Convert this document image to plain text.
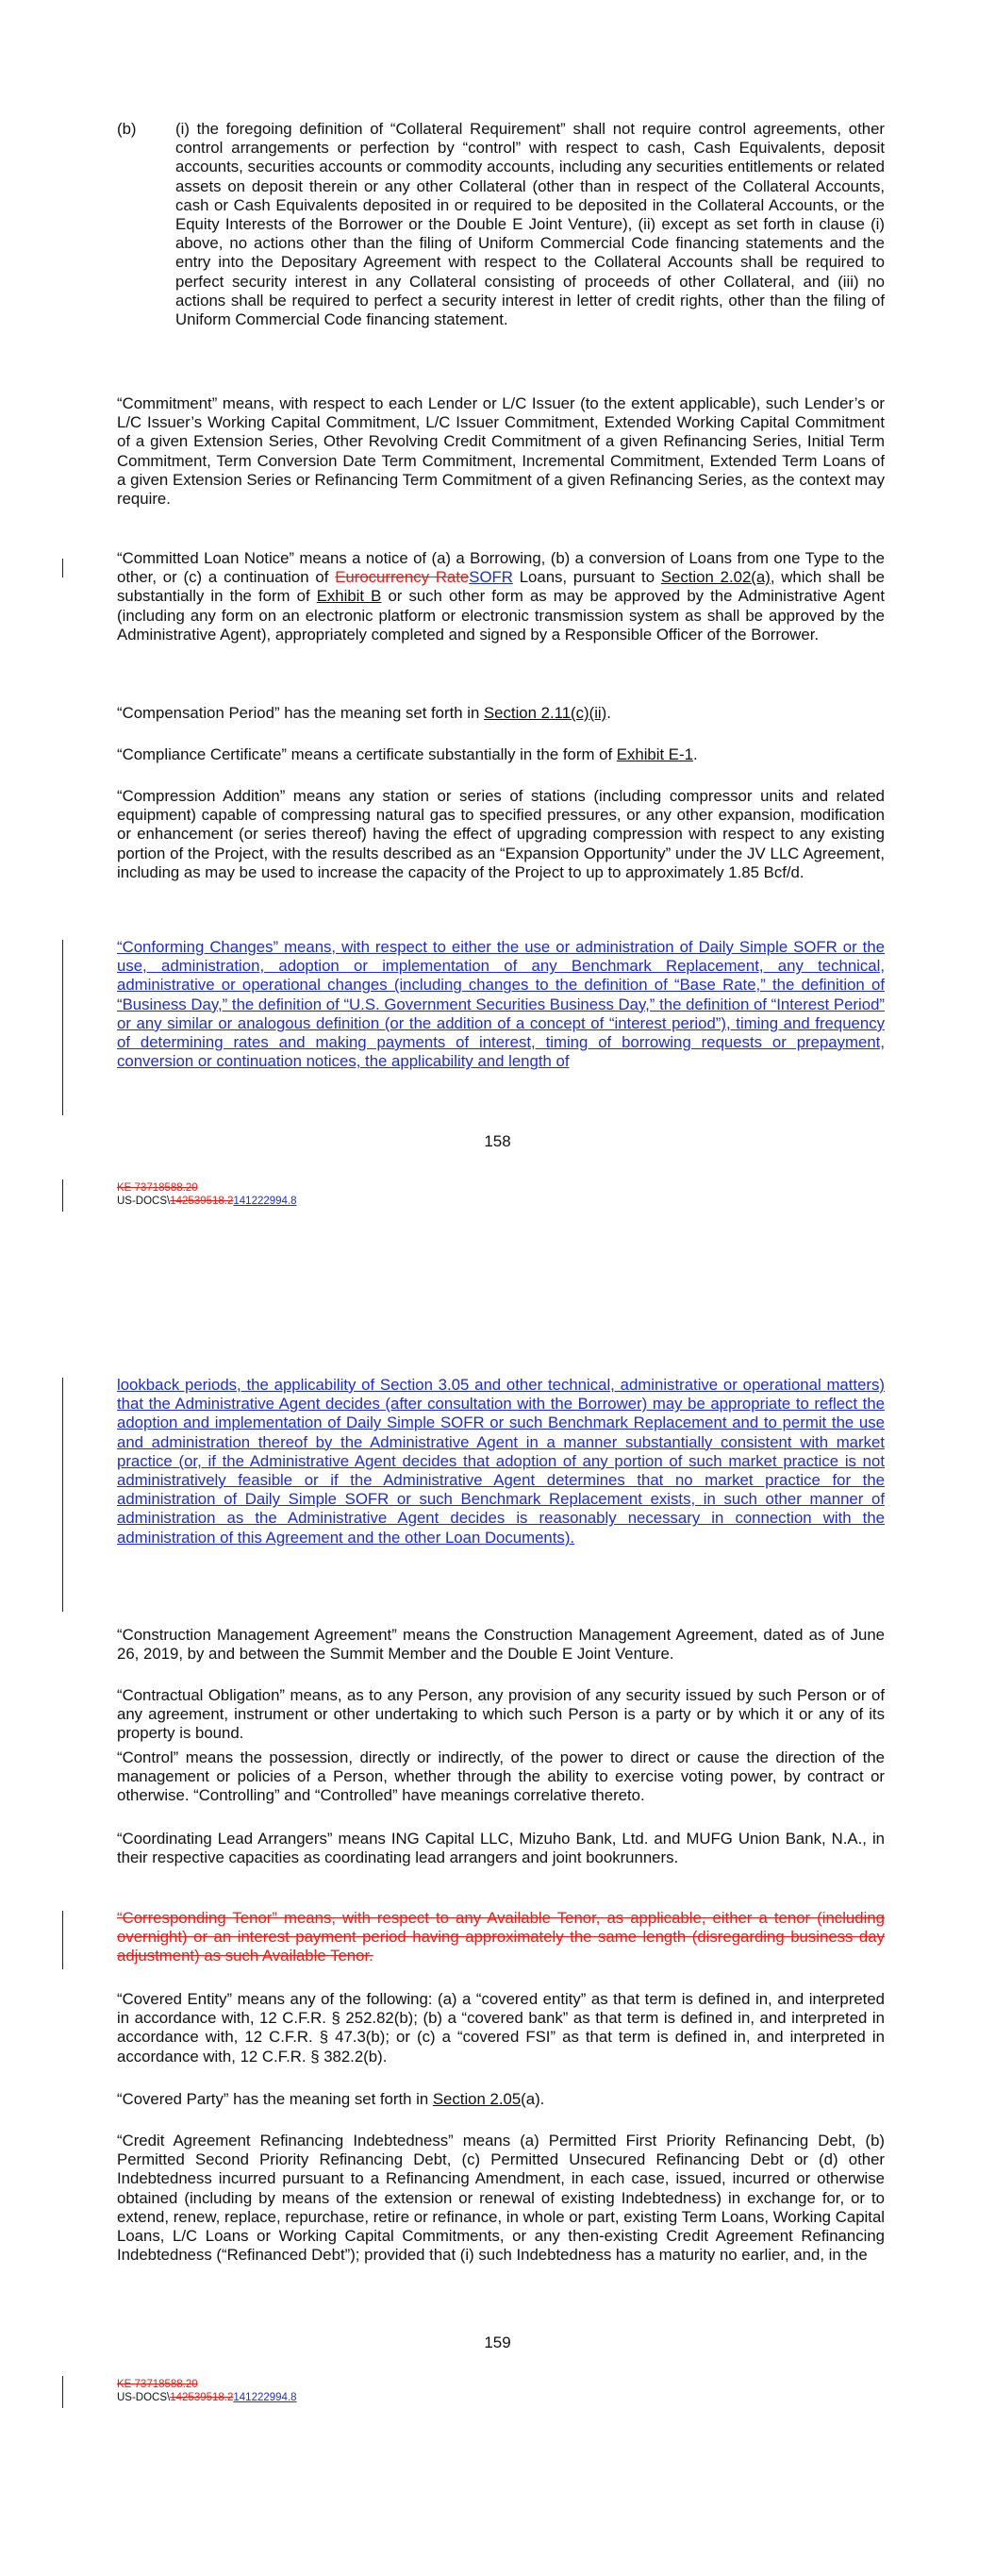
(b) (i) the foregoing definition of “Collateral Requirement” shall not require control agreements, other control arrangements or perfection by “control” with respect to cash, Cash Equivalents, deposit accounts, securities accounts or commodity accounts, including any securities entitlements or related assets on deposit therein or any other Collateral (other than in respect of the Collateral Accounts, cash or Cash Equivalents deposited in or required to be deposited in the Collateral Accounts, or the Equity Interests of the Borrower or the Double E Joint Venture), (ii) except as set forth in clause (i) above, no actions other than the filing of Uniform Commercial Code financing statements and the entry into the Depositary Agreement with respect to the Collateral Accounts shall be required to perfect security interest in any Collateral consisting of proceeds of other Collateral, and (iii) no actions shall be required to perfect a security interest in letter of credit rights, other than the filing of Uniform Commercial Code financing statement.

“Commitment” means, with respect to each Lender or L/C Issuer (to the extent applicable), such Lender’s or L/C Issuer’s Working Capital Commitment, L/C Issuer Commitment, Extended Working Capital Commitment of a given Extension Series, Other Revolving Credit Commitment of a given Refinancing Series, Initial Term Commitment, Term Conversion Date Term Commitment, Incremental Commitment, Extended Term Loans of a given Extension Series or Refinancing Term Commitment of a given Refinancing Series, as the context may require.

“Committed Loan Notice” means a notice of (a) a Borrowing, (b) a conversion of Loans from one Type to the other, or (c) a continuation of Eurocurrency RateSOFR Loans, pursuant to Section 2.02(a), which shall be substantially in the form of Exhibit B or such other form as may be approved by the Administrative Agent (including any form on an electronic platform or electronic transmission system as shall be approved by the Administrative Agent), appropriately completed and signed by a Responsible Officer of the Borrower.

“Compensation Period” has the meaning set forth in Section 2.11(c)(ii).

“Compliance Certificate” means a certificate substantially in the form of Exhibit E-1.

“Compression Addition” means any station or series of stations (including compressor units and related equipment) capable of compressing natural gas to specified pressures, or any other expansion, modification or enhancement (or series thereof) having the effect of upgrading compression with respect to any existing portion of the Project, with the results described as an “Expansion Opportunity” under the JV LLC Agreement, including as may be used to increase the capacity of the Project to up to approximately 1.85 Bcf/d.

“Conforming Changes” means, with respect to either the use or administration of Daily Simple SOFR or the use, administration, adoption or implementation of any Benchmark Replacement, any technical, administrative or operational changes (including changes to the definition of “Base Rate,” the definition of “Business Day,” the definition of “U.S. Government Securities Business Day,” the definition of “Interest Period” or any similar or analogous definition (or the addition of a concept of “interest period”), timing and frequency of determining rates and making payments of interest, timing of borrowing requests or prepayment, conversion or continuation notices, the applicability and length of

158
KE 73718588.20
US-DOCS\142539518.2141222994.8

lookback periods, the applicability of Section 3.05 and other technical, administrative or operational matters) that the Administrative Agent decides (after consultation with the Borrower) may be appropriate to reflect the adoption and implementation of Daily Simple SOFR or such Benchmark Replacement and to permit the use and administration thereof by the Administrative Agent in a manner substantially consistent with market practice (or, if the Administrative Agent decides that adoption of any portion of such market practice is not administratively feasible or if the Administrative Agent determines that no market practice for the administration of Daily Simple SOFR or such Benchmark Replacement exists, in such other manner of administration as the Administrative Agent decides is reasonably necessary in connection with the administration of this Agreement and the other Loan Documents).

“Construction Management Agreement” means the Construction Management Agreement, dated as of June 26, 2019, by and between the Summit Member and the Double E Joint Venture.

“Contractual Obligation” means, as to any Person, any provision of any security issued by such Person or of any agreement, instrument or other undertaking to which such Person is a party or by which it or any of its property is bound.

“Control” means the possession, directly or indirectly, of the power to direct or cause the direction of the management or policies of a Person, whether through the ability to exercise voting power, by contract or otherwise. “Controlling” and “Controlled” have meanings correlative thereto.

“Coordinating Lead Arrangers” means ING Capital LLC, Mizuho Bank, Ltd. and MUFG Union Bank, N.A., in their respective capacities as coordinating lead arrangers and joint bookrunners.

“Corresponding Tenor” means, with respect to any Available Tenor, as applicable, either a tenor (including overnight) or an interest payment period having approximately the same length (disregarding business day adjustment) as such Available Tenor.

“Covered Entity” means any of the following: (a) a “covered entity” as that term is defined in, and interpreted in accordance with, 12 C.F.R. § 252.82(b); (b) a “covered bank” as that term is defined in, and interpreted in accordance with, 12 C.F.R. § 47.3(b); or (c) a “covered FSI” as that term is defined in, and interpreted in accordance with, 12 C.F.R. § 382.2(b).

“Covered Party” has the meaning set forth in Section 2.05(a).

“Credit Agreement Refinancing Indebtedness” means (a) Permitted First Priority Refinancing Debt, (b) Permitted Second Priority Refinancing Debt, (c) Permitted Unsecured Refinancing Debt or (d) other Indebtedness incurred pursuant to a Refinancing Amendment, in each case, issued, incurred or otherwise obtained (including by means of the extension or renewal of existing Indebtedness) in exchange for, or to extend, renew, replace, repurchase, retire or refinance, in whole or part, existing Term Loans, Working Capital Loans, L/C Loans or Working Capital Commitments, or any then-existing Credit Agreement Refinancing Indebtedness (“Refinanced Debt”); provided that (i) such Indebtedness has a maturity no earlier, and, in the

159
KE 73718588.20
US-DOCS\142539518.2141222994.8
